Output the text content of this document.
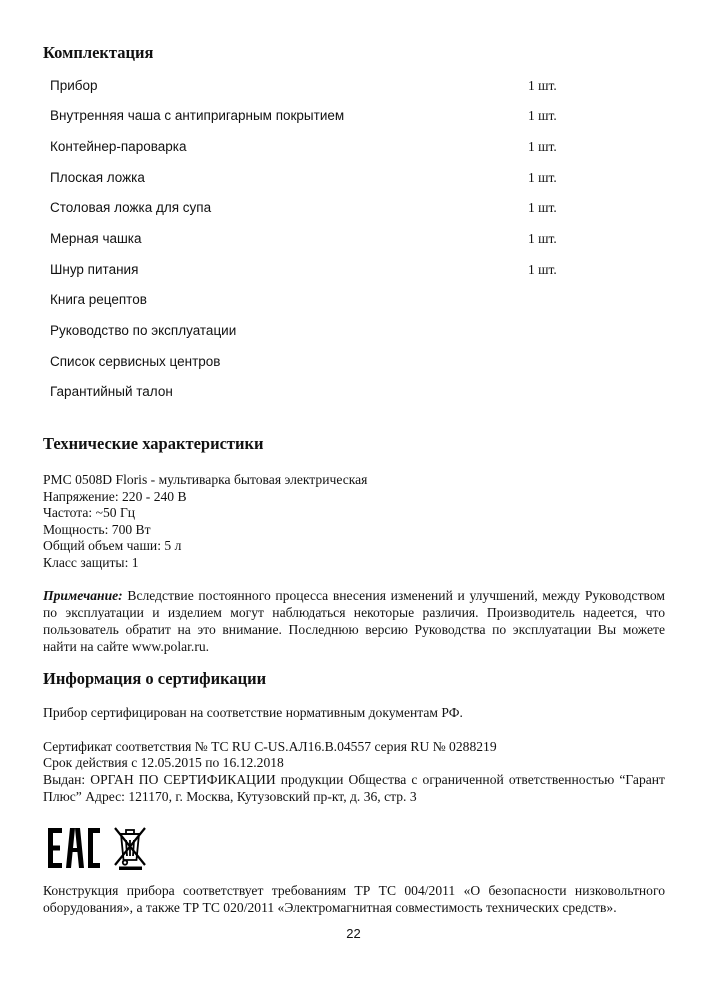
Комплектация
Прибор	1 шт.
Внутренняя чаша с антипригарным покрытием	1 шт.
Контейнер-пароварка	1 шт.
Плоская ложка	1 шт.
Столовая ложка для супа	1 шт.
Мерная чашка	1 шт.
Шнур питания	1 шт.
Книга рецептов
Руководство по эксплуатации
Список сервисных центров
Гарантийный талон
Технические характеристики
PMC 0508D Floris - мультиварка бытовая электрическая
Напряжение: 220 - 240 В
Частота: ~50 Гц
Мощность: 700 Вт
Общий объем чаши: 5 л
Класс защиты: 1
Примечание: Вследствие постоянного процесса внесения изменений и улучшений, между Руководством по эксплуатации и изделием могут наблюдаться некоторые различия. Производитель надеется, что пользователь обратит на это внимание. Последнюю версию Руководства по эксплуатации Вы можете найти на сайте www.polar.ru.
Информация о сертификации
Прибор сертифицирован на соответствие нормативным документам РФ.
Сертификат соответствия № ТС RU C-US.АЛ16.В.04557 серия RU № 0288219
Срок действия с 12.05.2015 по 16.12.2018
Выдан: ОРГАН ПО СЕРТИФИКАЦИИ продукции Общества с ограниченной ответственностью “Гарант Плюс” Адрес: 121170, г. Москва, Кутузовский пр-кт, д. 36, стр. 3
Конструкция прибора соответствует требованиям ТР ТС 004/2011 «О безопасности низковольтного оборудования», а также ТР ТС 020/2011 «Электромагнитная совместимость технических средств».
22
